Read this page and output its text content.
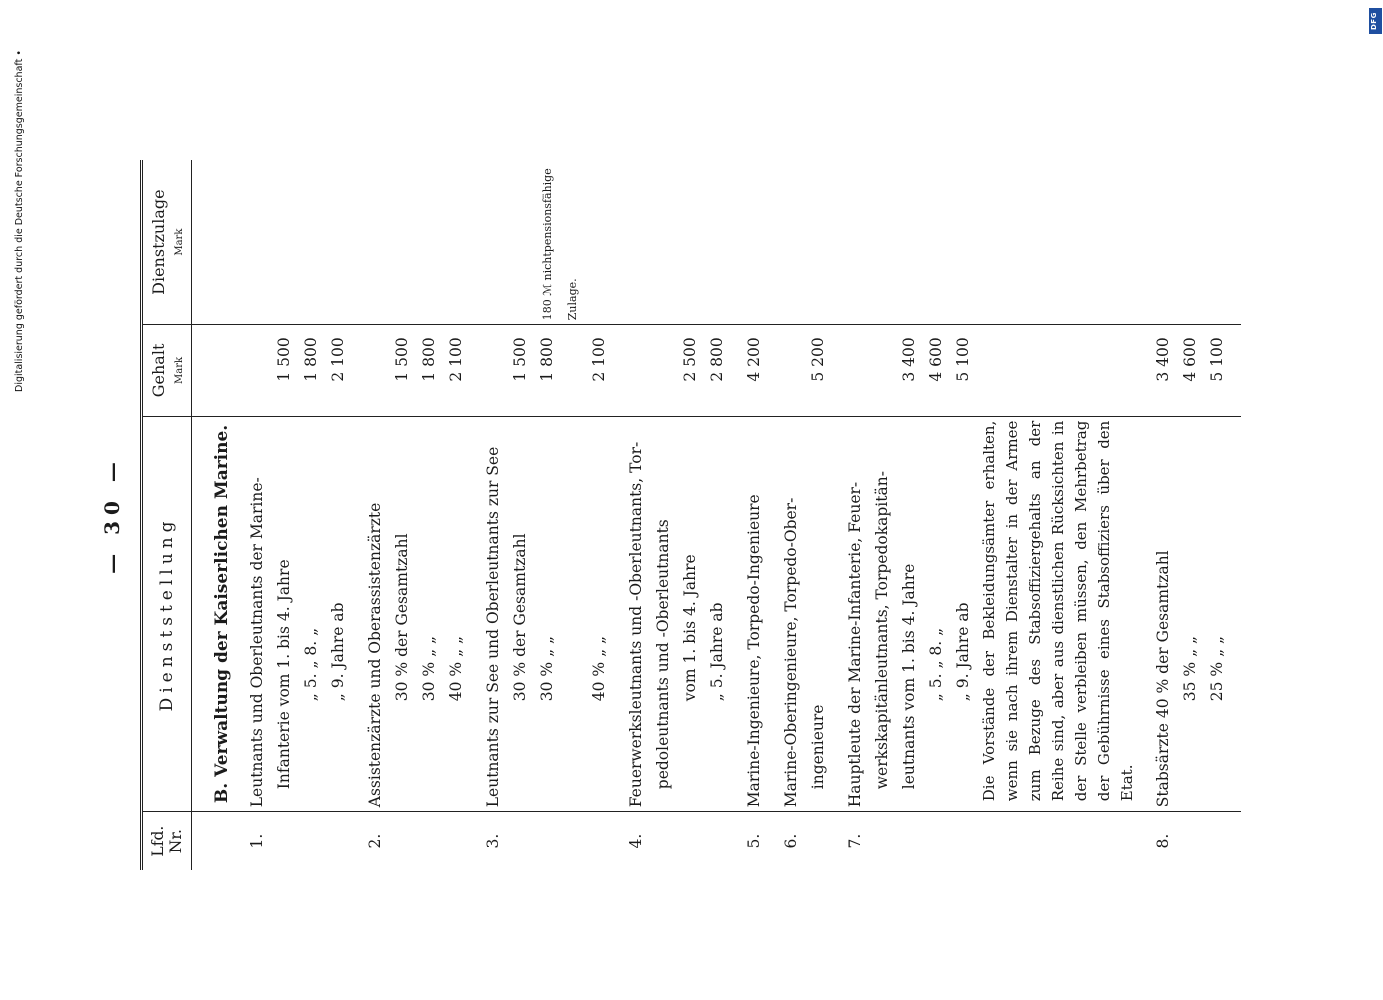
— 30 —
Lfd. Nr.	Dienststellung	Gehalt Mark	Dienstzulage Mark

	B. Verwaltung der Kaiserlichen Marine.		
1.	Leutnants und Oberleutnants der Marine-		
	Infanterie vom 1. bis 4. Jahre	1 500	
	„ 5. „ 8. „	1 800	
	„ 9. Jahre ab	2 100	

2.	Assistenzärzte und Oberassistenzärzte		
	30 % der Gesamtzahl	1 500	
	30 % „ „	1 800	
	40 % „ „	2 100	

3.	Leutnants zur See und Oberleutnants zur See		
	30 % der Gesamtzahl	1 500	
	30 % „ „	1 800	180 ℳ nichtpensionsfähige Zulage.
	40 % „ „	2 100	

4.	Feuerwerksleutnants und -Oberleutnants, Tor-		
	pedoleutnants und -Oberleutnants		
	vom 1. bis 4. Jahre	2 500	
	„ 5. Jahre ab	2 800	

5.	Marine-Ingenieure, Torpedo-Ingenieure	4 200	

6.	Marine-Oberingenieure, Torpedo-Ober-		
	ingenieure	5 200	

7.	Hauptleute der Marine-Infanterie, Feuer-		
	werkskapitänleutnants, Torpedokapitän-		
	leutnants vom 1. bis 4. Jahre	3 400	
	„ 5. „ 8. „	4 600	
	„ 9. Jahre ab	5 100	
	Die Vorstände der Bekleidungsämter erhalten, wenn sie nach ihrem Dienstalter in der Armee zum Bezuge des Stabsoffiziergehalts an der Reihe sind, aber aus dienstlichen Rücksichten in der Stelle verbleiben müssen, den Mehrbetrag der Gebührnisse eines Stabsoffiziers über den Etat.		

8.	Stabsärzte 40 % der Gesamtzahl	3 400	
	35 % „ „	4 600	
	25 % „ „	5 100	

DFG
Digitalisierung gefördert durch die Deutsche Forschungsgemeinschaft •
